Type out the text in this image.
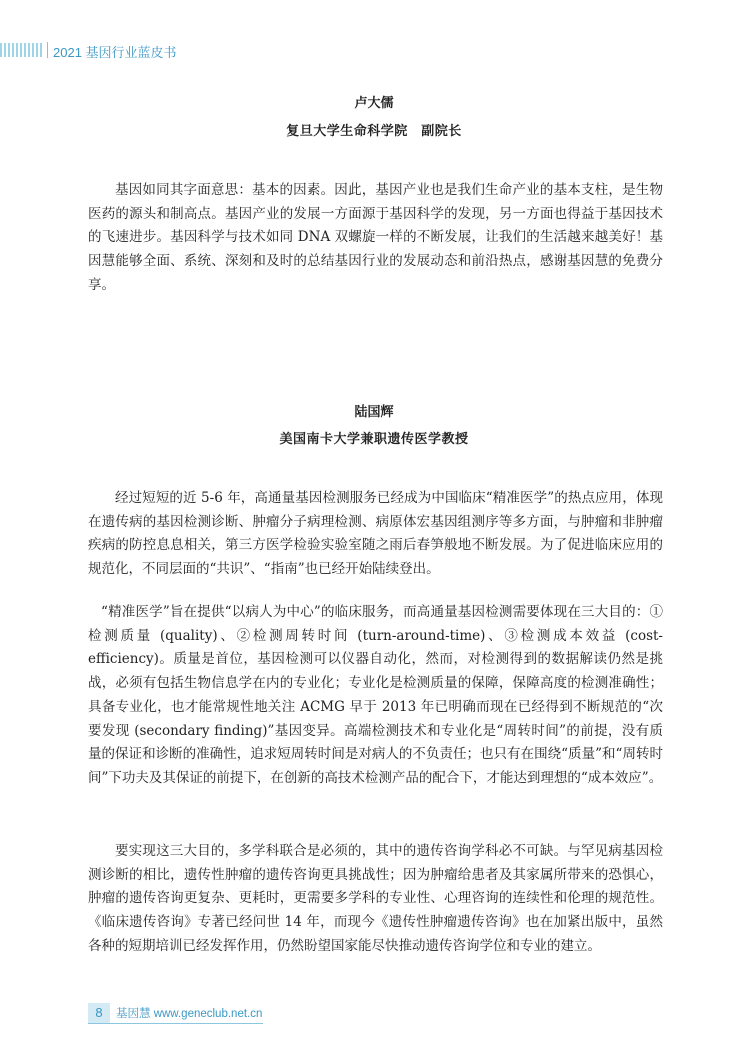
2021 基因行业蓝皮书
卢大儒
复旦大学生命科学院　副院长

基因如同其字面意思：基本的因素。因此，基因产业也是我们生命产业的基本支柱，是生物医药的源头和制高点。基因产业的发展一方面源于基因科学的发现，另一方面也得益于基因技术的飞速进步。基因科学与技术如同 DNA 双螺旋一样的不断发展，让我们的生活越来越美好！基因慧能够全面、系统、深刻和及时的总结基因行业的发展动态和前沿热点，感谢基因慧的免费分享。

陆国辉
美国南卡大学兼职遗传医学教授

经过短短的近 5-6 年，高通量基因检测服务已经成为中国临床“精准医学”的热点应用，体现在遗传病的基因检测诊断、肿瘤分子病理检测、病原体宏基因组测序等多方面，与肿瘤和非肿瘤疾病的防控息息相关，第三方医学检验实验室随之雨后春笋般地不断发展。为了促进临床应用的规范化，不同层面的“共识”、“指南”也已经开始陆续登出。

“精准医学”旨在提供“以病人为中心”的临床服务，而高通量基因检测需要体现在三大目的：①检测质量 (quality)、②检测周转时间 (turn-around-time)、③检测成本效益 (cost-efficiency)。质量是首位，基因检测可以仪器自动化，然而，对检测得到的数据解读仍然是挑战，必须有包括生物信息学在内的专业化；专业化是检测质量的保障，保障高度的检测准确性；具备专业化，也才能常规性地关注 ACMG 早于 2013 年已明确而现在已经得到不断规范的“次要发现 (secondary finding)”基因变异。高端检测技术和专业化是“周转时间”的前提，没有质量的保证和诊断的准确性，追求短周转时间是对病人的不负责任；也只有在围绕“质量”和“周转时间”下功夫及其保证的前提下，在创新的高技术检测产品的配合下，才能达到理想的“成本效应”。

要实现这三大目的，多学科联合是必须的，其中的遗传咨询学科必不可缺。与罕见病基因检测诊断的相比，遗传性肿瘤的遗传咨询更具挑战性；因为肿瘤给患者及其家属所带来的恐惧心，肿瘤的遗传咨询更复杂、更耗时，更需要多学科的专业性、心理咨询的连续性和伦理的规范性。《临床遗传咨询》专著已经问世 14 年，而现今《遗传性肿瘤遗传咨询》也在加紧出版中，虽然各种的短期培训已经发挥作用，仍然盼望国家能尽快推动遗传咨询学位和专业的建立。

8	基因慧 www.geneclub.net.cn
